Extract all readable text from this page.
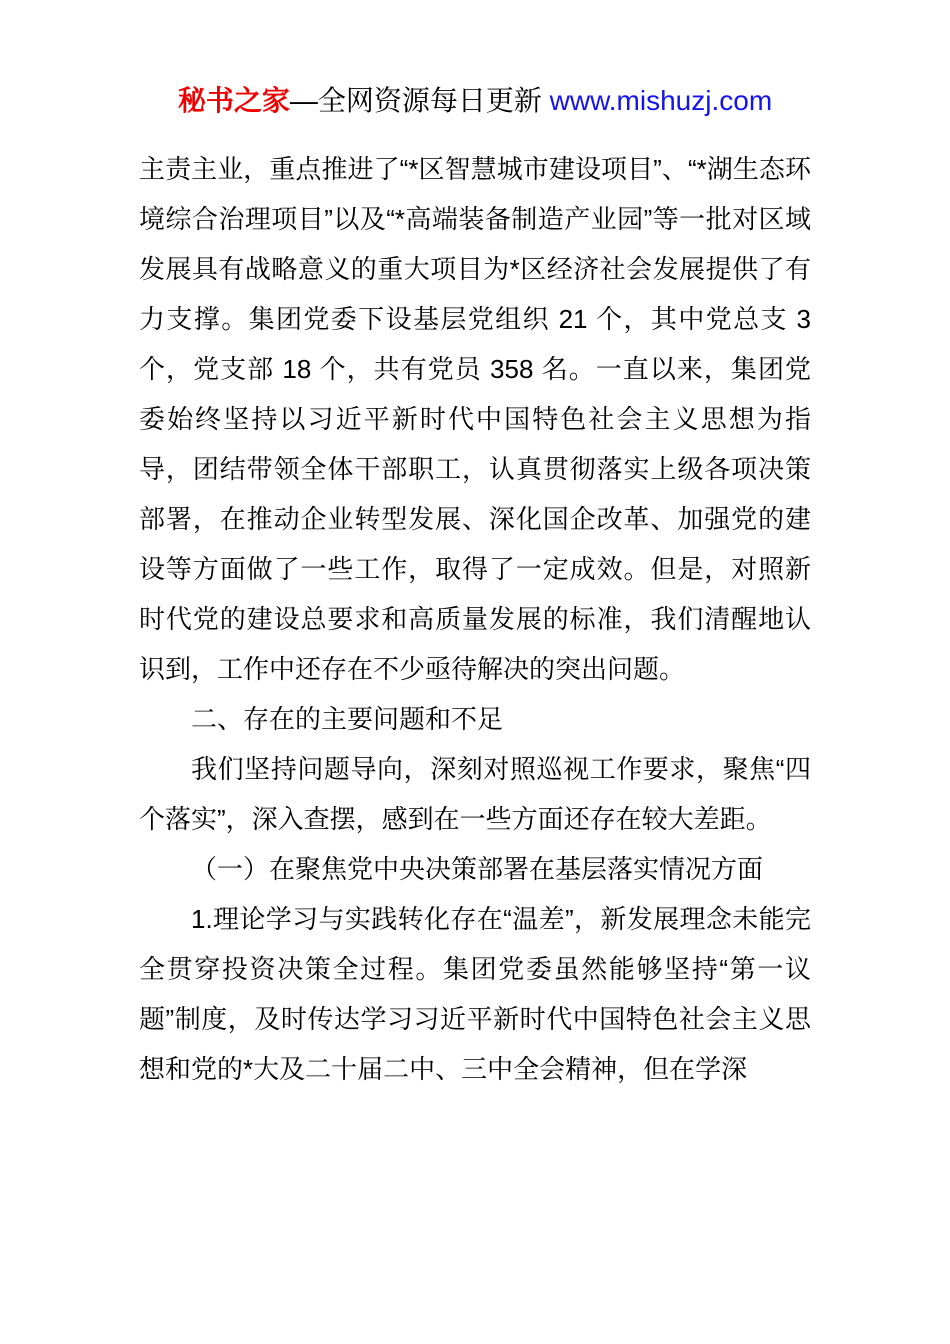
秘书之家—全网资源每日更新 www.mishuzj.com

主责主业，重点推进了“*区智慧城市建设项目”、“*湖生态环境综合治理项目”以及“*高端装备制造产业园”等一批对区域发展具有战略意义的重大项目为*区经济社会发展提供了有力支撑。集团党委下设基层党组织 21 个，其中党总支 3 个，党支部 18 个，共有党员 358 名。一直以来，集团党委始终坚持以习近平新时代中国特色社会主义思想为指导，团结带领全体干部职工，认真贯彻落实上级各项决策部署，在推动企业转型发展、深化国企改革、加强党的建设等方面做了一些工作，取得了一定成效。但是，对照新时代党的建设总要求和高质量发展的标准，我们清醒地认识到，工作中还存在不少亟待解决的突出问题。

二、存在的主要问题和不足

我们坚持问题导向，深刻对照巡视工作要求，聚焦“四个落实”，深入查摆，感到在一些方面还存在较大差距。

（一）在聚焦党中央决策部署在基层落实情况方面

1.理论学习与实践转化存在“温差”，新发展理念未能完全贯穿投资决策全过程。集团党委虽然能够坚持“第一议题”制度，及时传达学习习近平新时代中国特色社会主义思想和党的*大及二十届二中、三中全会精神，但在学深
